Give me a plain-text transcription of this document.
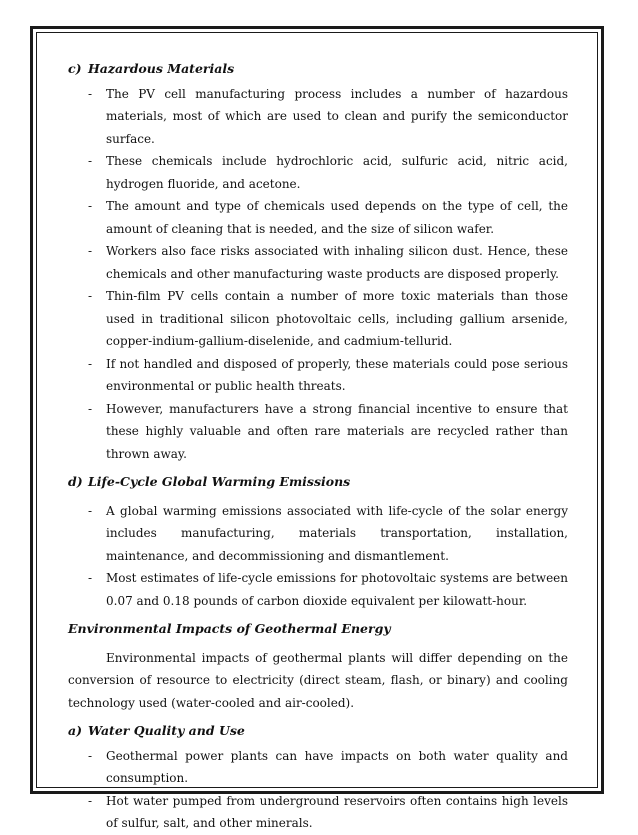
c) Hazardous Materials

- The PV cell manufacturing process includes a number of hazardous materials, most of which are used to clean and purify the semiconductor surface.
- These chemicals include hydrochloric acid, sulfuric acid, nitric acid, hydrogen fluoride, and acetone.
- The amount and type of chemicals used depends on the type of cell, the amount of cleaning that is needed, and the size of silicon wafer.
- Workers also face risks associated with inhaling silicon dust. Hence, these chemicals and other manufacturing waste products are disposed properly.
- Thin-film PV cells contain a number of more toxic materials than those used in traditional silicon photovoltaic cells, including gallium arsenide, copper-indium-gallium-diselenide, and cadmium-tellurid.
- If not handled and disposed of properly, these materials could pose serious environmental or public health threats.
- However, manufacturers have a strong financial incentive to ensure that these highly valuable and often rare materials are recycled rather than thrown away.

d) Life-Cycle Global Warming Emissions

- A global warming emissions associated with life-cycle of the solar energy includes manufacturing, materials transportation, installation, maintenance, and decommissioning and dismantlement.
- Most estimates of life-cycle emissions for photovoltaic systems are between 0.07 and 0.18 pounds of carbon dioxide equivalent per kilowatt-hour.

Environmental Impacts of Geothermal Energy

Environmental impacts of geothermal plants will differ depending on the conversion of resource to electricity (direct steam, flash, or binary) and cooling technology used (water-cooled and air-cooled).

a) Water Quality and Use

- Geothermal power plants can have impacts on both water quality and consumption.
- Hot water pumped from underground reservoirs often contains high levels of sulfur, salt, and other minerals.
